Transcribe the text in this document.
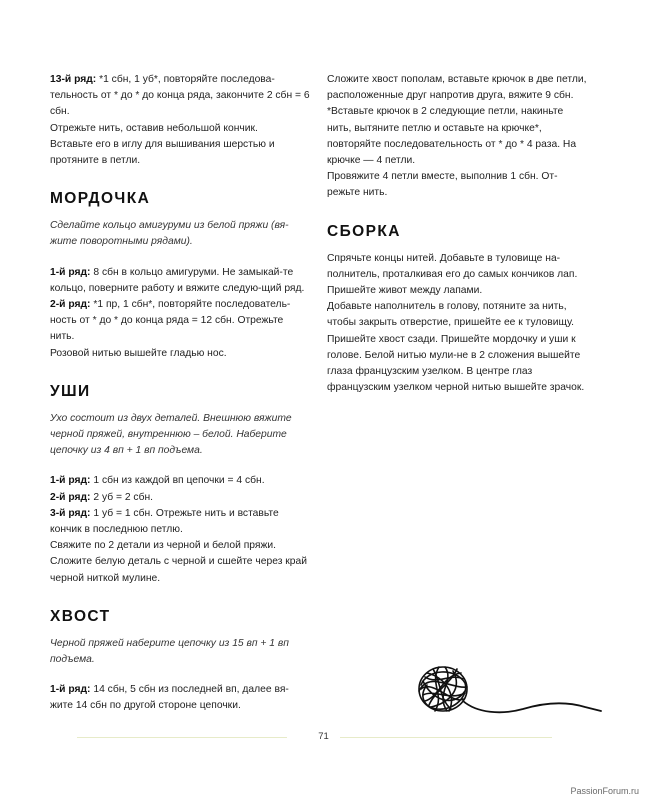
13-й ряд: *1 сбн, 1 уб*, повторяйте последова-тельность от * до * до конца ряда, закончите 2 сбн = 6 сбн.

Отрежьте нить, оставив небольшой кончик.

Вставьте его в иглу для вышивания шерстью и протяните в петли.

МОРДОЧКА

Сделайте кольцо амигуруми из белой пряжи (вя-жите поворотными рядами).

1-й ряд: 8 сбн в кольцо амигуруми. Не замыкай-те кольцо, поверните работу и вяжите следую-щий ряд.

2-й ряд: *1 пр, 1 сбн*, повторяйте последователь-ность от * до * до конца ряда = 12 сбн. Отрежьте нить.

Розовой нитью вышейте гладью нос.

УШИ

Ухо состоит из двух деталей. Внешнюю вяжите черной пряжей, внутреннюю – белой. Наберите цепочку из 4 вп + 1 вп подъема.

1-й ряд: 1 сбн из каждой вп цепочки = 4 сбн.

2-й ряд: 2 уб = 2 сбн.

3-й ряд: 1 уб = 1 сбн. Отрежьте нить и вставьте кончик в последнюю петлю.

Свяжите по 2 детали из черной и белой пряжи.

Сложите белую деталь с черной и сшейте через край черной ниткой мулине.

ХВОСТ

Черной пряжей наберите цепочку из 15 вп + 1 вп подъема.

1-й ряд: 14 сбн, 5 сбн из последней вп, далее вя-жите 14 сбн по другой стороне цепочки.

Сложите хвост пополам, вставьте крючок в две петли, расположенные друг напротив друга, вяжите 9 сбн. *Вставьте крючок в 2 следующие петли, накиньте нить, вытяните петлю и оставьте на крючке*, повторяйте последовательность от * до * 4 раза. На крючке — 4 петли.

Провяжите 4 петли вместе, выполнив 1 сбн. От-режьте нить.

СБОРКА

Спрячьте концы нитей. Добавьте в туловище на-полнитель, проталкивая его до самых кончиков лап. Пришейте живот между лапами.

Добавьте наполнитель в голову, потяните за нить, чтобы закрыть отверстие, пришейте ее к туловищу. Пришейте хвост сзади. Пришейте мордочку и уши к голове. Белой нитью мули-не в 2 сложения вышейте глаза французским узелком. В центре глаз французским узелком черной нитью вышейте зрачок.

71
PassionForum.ru
